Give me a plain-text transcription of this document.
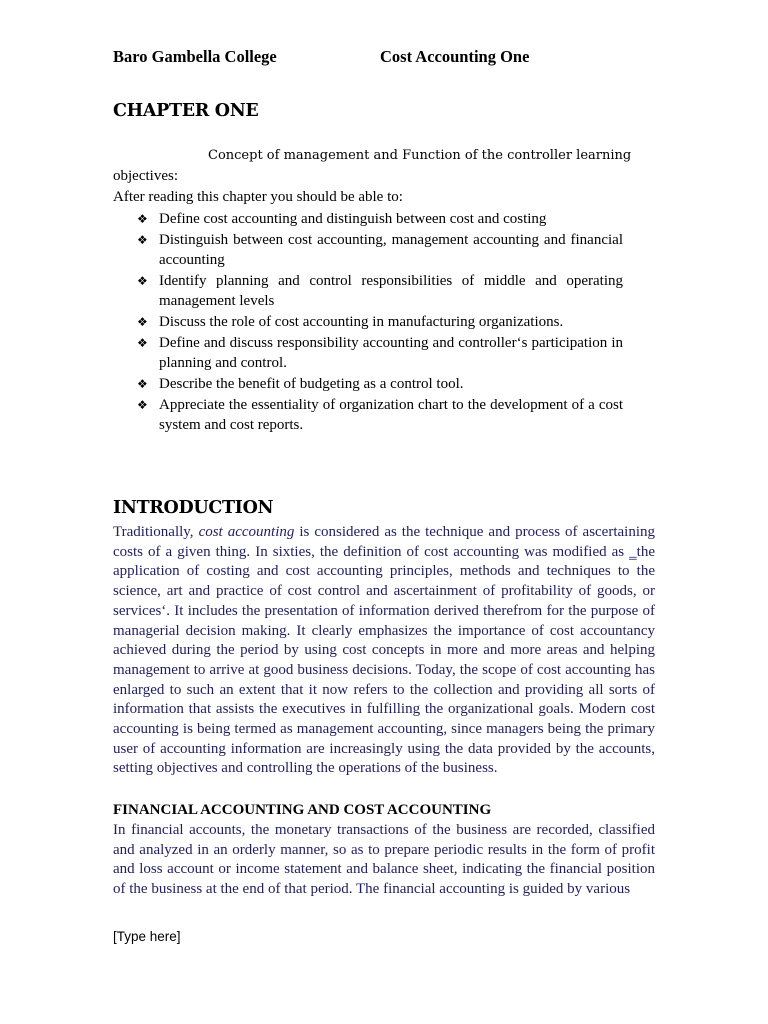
Baro Gambella College	Cost Accounting One
CHAPTER ONE
Concept of management and Function of the controller learning
objectives:
After reading this chapter you should be able to:
❖ Define cost accounting and distinguish between cost and costing
❖ Distinguish between cost accounting, management accounting and financial accounting
❖ Identify planning and control responsibilities of middle and operating management levels
❖ Discuss the role of cost accounting in manufacturing organizations.
❖ Define and discuss responsibility accounting and controller‘s participation in planning and control.
❖ Describe the benefit of budgeting as a control tool.
❖ Appreciate the essentiality of organization chart to the development of a cost system and cost reports.
INTRODUCTION

Traditionally, cost accounting is considered as the technique and process of ascertaining costs of a given thing. In sixties, the definition of cost accounting was modified as ‗the application of costing and cost accounting principles, methods and techniques to the science, art and practice of cost control and ascertainment of profitability of goods, or services‘. It includes the presentation of information derived therefrom for the purpose of managerial decision making. It clearly emphasizes the importance of cost accountancy achieved during the period by using cost concepts in more and more areas and helping management to arrive at good business decisions. Today, the scope of cost accounting has enlarged to such an extent that it now refers to the collection and providing all sorts of information that assists the executives in fulfilling the organizational goals. Modern cost accounting is being termed as management accounting, since managers being the primary user of accounting information are increasingly using the data provided by the accounts, setting objectives and controlling the operations of the business.

FINANCIAL ACCOUNTING AND COST ACCOUNTING

In financial accounts, the monetary transactions of the business are recorded, classified and analyzed in an orderly manner, so as to prepare periodic results in the form of profit and loss account or income statement and balance sheet, indicating the financial position of the business at the end of that period. The financial accounting is guided by various

[Type here]
